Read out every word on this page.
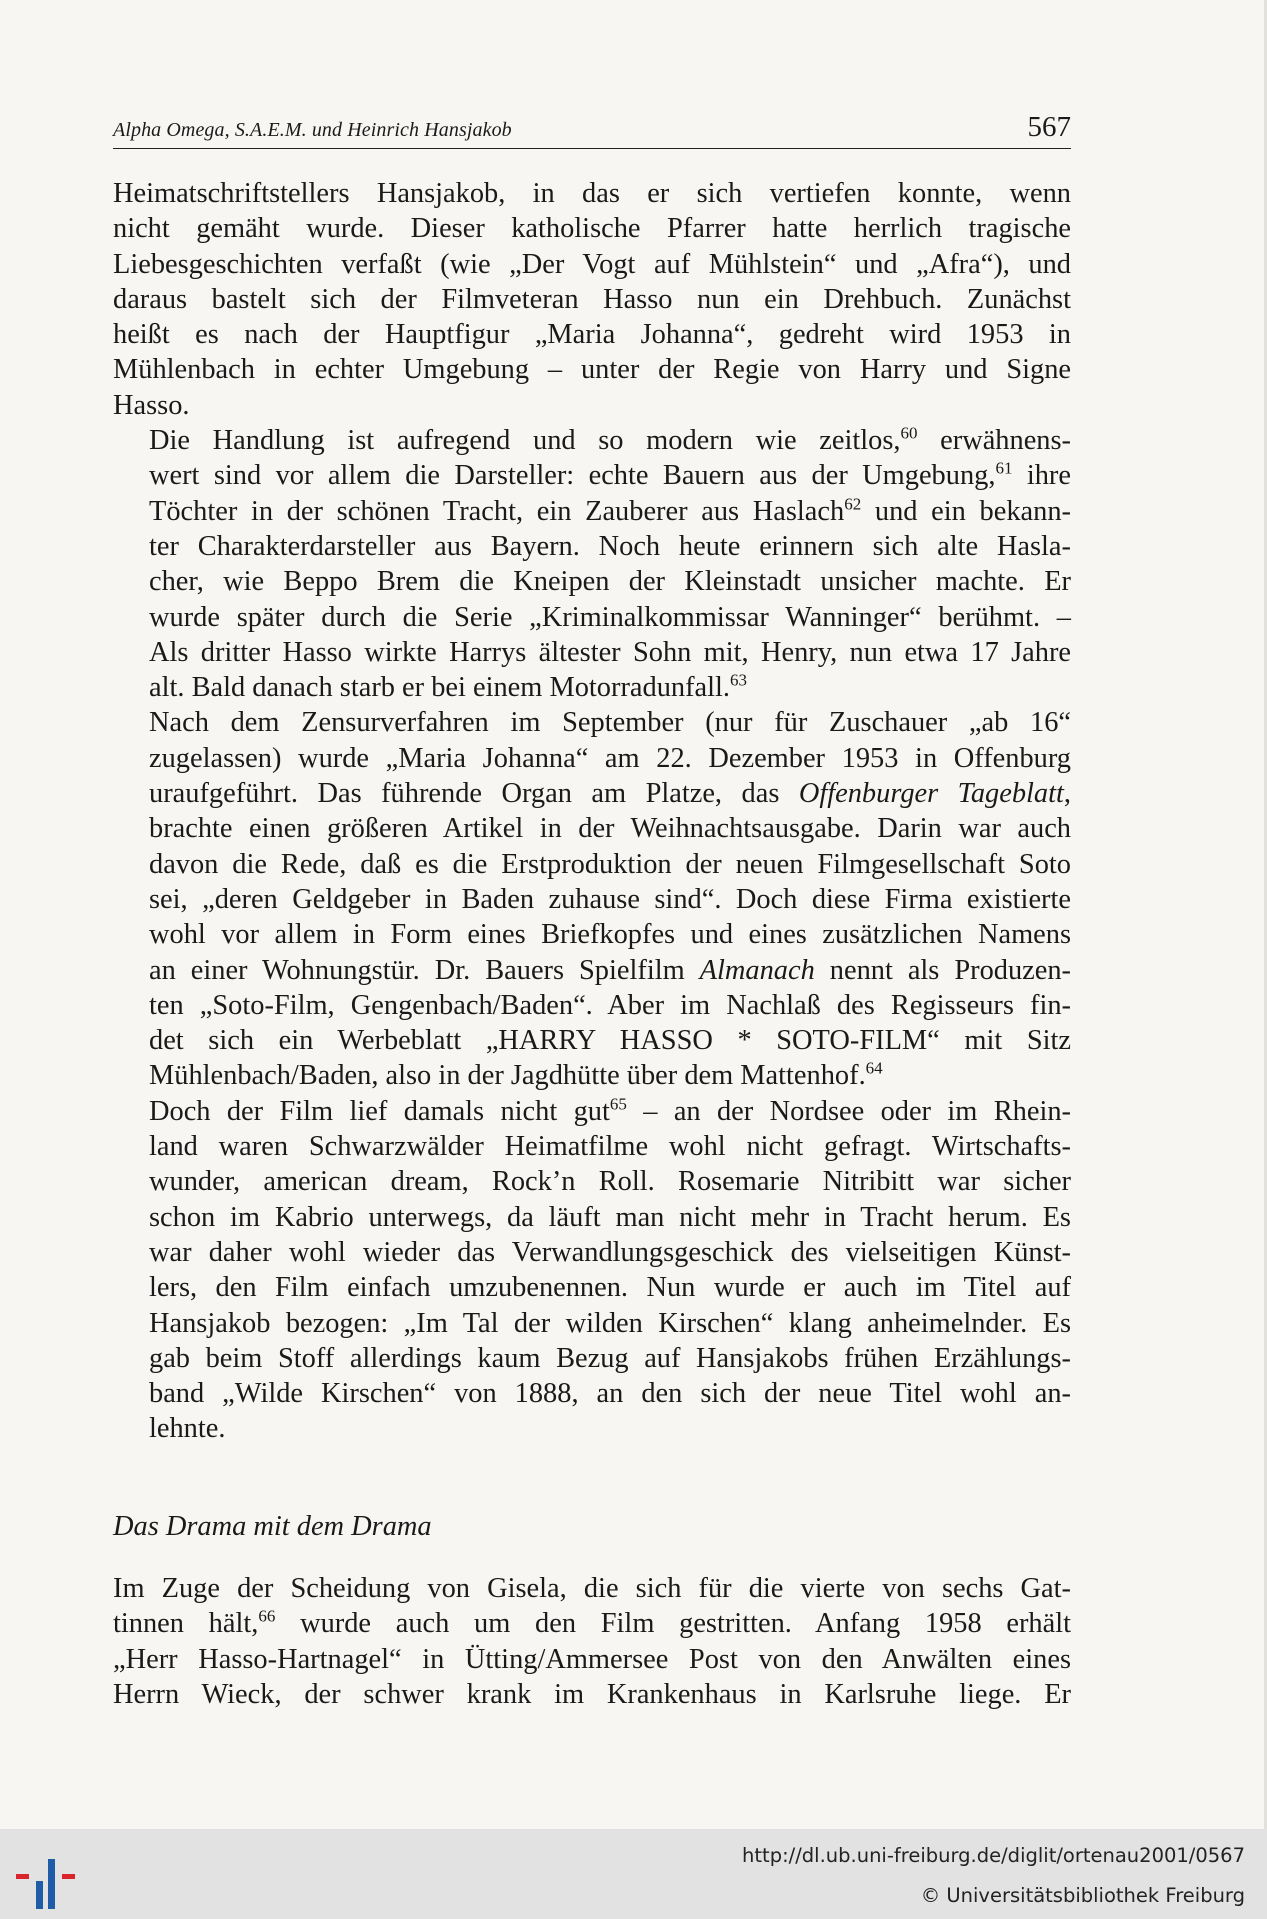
Alpha Omega, S.A.E.M. und Heinrich Hansjakob	567

Heimatschriftstellers Hansjakob, in das er sich vertiefen konnte, wenn
nicht gemäht wurde. Dieser katholische Pfarrer hatte herrlich tragische
Liebesgeschichten verfaßt (wie „Der Vogt auf Mühlstein“ und „Afra“), und
daraus bastelt sich der Filmveteran Hasso nun ein Drehbuch. Zunächst
heißt es nach der Hauptfigur „Maria Johanna“, gedreht wird 1953 in
Mühlenbach in echter Umgebung – unter der Regie von Harry und Signe
Hasso.

Die Handlung ist aufregend und so modern wie zeitlos,$^{60}$ erwähnens-
wert sind vor allem die Darsteller: echte Bauern aus der Umgebung,$^{61}$ ihre
Töchter in der schönen Tracht, ein Zauberer aus Haslach$^{62}$ und ein bekann-
ter Charakterdarsteller aus Bayern. Noch heute erinnern sich alte Hasla-
cher, wie Beppo Brem die Kneipen der Kleinstadt unsicher machte. Er
wurde später durch die Serie „Kriminalkommissar Wanninger“ berühmt. –
Als dritter Hasso wirkte Harrys ältester Sohn mit, Henry, nun etwa 17 Jahre
alt. Bald danach starb er bei einem Motorradunfall.$^{63}$

Nach dem Zensurverfahren im September (nur für Zuschauer „ab 16“
zugelassen) wurde „Maria Johanna“ am 22. Dezember 1953 in Offenburg
uraufgeführt. Das führende Organ am Platze, das Offenburger Tageblatt,
brachte einen größeren Artikel in der Weihnachtsausgabe. Darin war auch
davon die Rede, daß es die Erstproduktion der neuen Filmgesellschaft Soto
sei, „deren Geldgeber in Baden zuhause sind“. Doch diese Firma existierte
wohl vor allem in Form eines Briefkopfes und eines zusätzlichen Namens
an einer Wohnungstür. Dr. Bauers Spielfilm Almanach nennt als Produzen-
ten „Soto-Film, Gengenbach/Baden“. Aber im Nachlaß des Regisseurs fin-
det sich ein Werbeblatt „HARRY HASSO * SOTO-FILM“ mit Sitz
Mühlenbach/Baden, also in der Jagdhütte über dem Mattenhof.$^{64}$

Doch der Film lief damals nicht gut$^{65}$ – an der Nordsee oder im Rhein-
land waren Schwarzwälder Heimatfilme wohl nicht gefragt. Wirtschafts-
wunder, american dream, Rock’n Roll. Rosemarie Nitribitt war sicher
schon im Kabrio unterwegs, da läuft man nicht mehr in Tracht herum. Es
war daher wohl wieder das Verwandlungsgeschick des vielseitigen Künst-
lers, den Film einfach umzubenennen. Nun wurde er auch im Titel auf
Hansjakob bezogen: „Im Tal der wilden Kirschen“ klang anheimelnder. Es
gab beim Stoff allerdings kaum Bezug auf Hansjakobs frühen Erzählungs-
band „Wilde Kirschen“ von 1888, an den sich der neue Titel wohl an-
lehnte.

Das Drama mit dem Drama

Im Zuge der Scheidung von Gisela, die sich für die vierte von sechs Gat-
tinnen hält,$^{66}$ wurde auch um den Film gestritten. Anfang 1958 erhält
„Herr Hasso-Hartnagel“ in Ütting/Ammersee Post von den Anwälten eines
Herrn Wieck, der schwer krank im Krankenhaus in Karlsruhe liege. Er

http://dl.ub.uni-freiburg.de/diglit/ortenau2001/0567
© Universitätsbibliothek Freiburg
